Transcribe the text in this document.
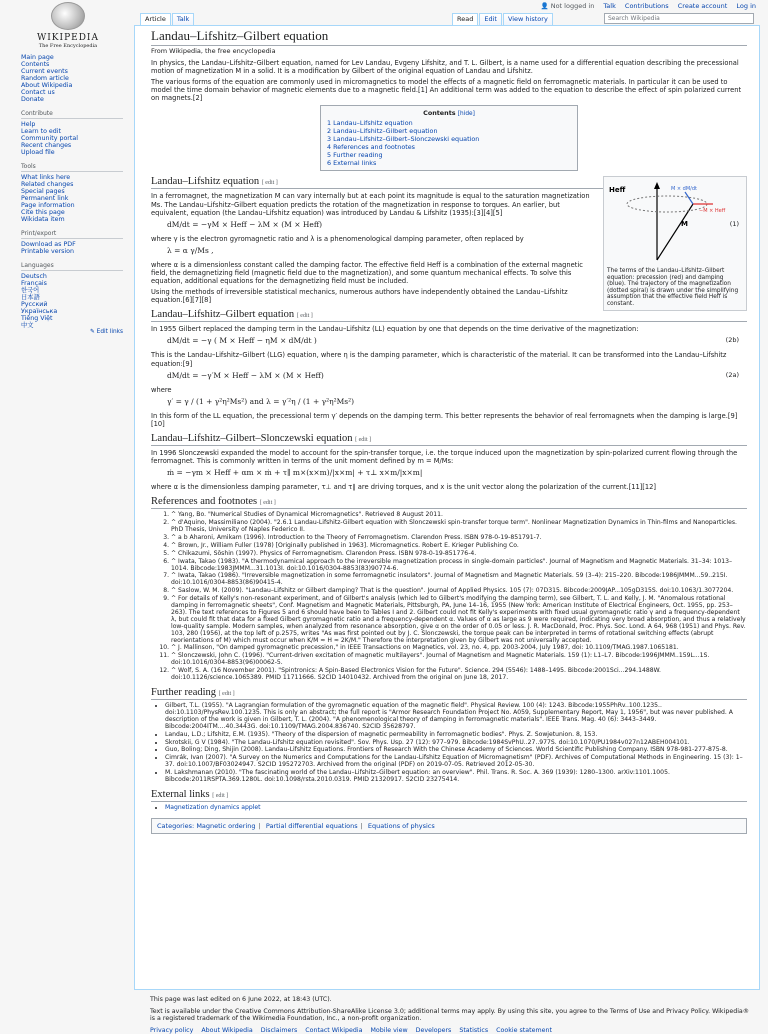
WIKIPEDIA
The Free Encyclopedia
👤 Not logged in Talk Contributions Create account Log in
Article Talk	Read Edit View history	Search Wikipedia
Main page
Contents
Current events
Random article
About Wikipedia
Contact us
Donate
Contribute
Help
Learn to edit
Community portal
Recent changes
Upload file
Tools
What links here
Related changes
Special pages
Permanent link
Page information
Cite this page
Wikidata item
Print/export
Download as PDF
Printable version
Languages
Deutsch
Français
한국어
日本語
Русский
Українська
Tiếng Việt
中文
✎ Edit links
Landau–Lifshitz–Gilbert equation
From Wikipedia, the free encyclopedia

In physics, the Landau–Lifshitz–Gilbert equation, named for Lev Landau, Evgeny Lifshitz, and T. L. Gilbert, is a name used for a differential equation describing the precessional motion of magnetization M in a solid. It is a modification by Gilbert of the original equation of Landau and Lifshitz.

The various forms of the equation are commonly used in micromagnetics to model the effects of a magnetic field on ferromagnetic materials. In particular it can be used to model the time domain behavior of magnetic elements due to a magnetic field.[1] An additional term was added to the equation to describe the effect of spin polarized current on magnets.[2]

Contents [hide]
1 Landau–Lifshitz equation
2 Landau–Lifshitz–Gilbert equation
3 Landau–Lifshitz–Gilbert–Slonczewski equation
4 References and footnotes
5 Further reading
6 External links
Heff
M
M × dM/dt
−M × Heff
The terms of the Landau–Lifshitz–Gilbert equation: precession (red) and damping (blue). The trajectory of the magnetization (dotted spiral) is drawn under the simplifying assumption that the effective field Heff is constant.
Landau–Lifshitz equation [ edit ]

In a ferromagnet, the magnetization M can vary internally but at each point its magnitude is equal to the saturation magnetization Ms. The Landau–Lifshitz–Gilbert equation predicts the rotation of the magnetization in response to torques. An earlier, but equivalent, equation (the Landau–Lifshitz equation) was introduced by Landau & Lifshitz (1935):[3][4][5]

dM/dt = −γM × Heff − λM × (M × Heff)	(1)

where γ is the electron gyromagnetic ratio and λ is a phenomenological damping parameter, often replaced by

λ = α γ/Ms ,

where α is a dimensionless constant called the damping factor. The effective field Heff is a combination of the external magnetic field, the demagnetizing field (magnetic field due to the magnetization), and some quantum mechanical effects. To solve this equation, additional equations for the demagnetizing field must be included.

Using the methods of irreversible statistical mechanics, numerous authors have independently obtained the Landau–Lifshitz equation.[6][7][8]

Landau–Lifshitz–Gilbert equation [ edit ]

In 1955 Gilbert replaced the damping term in the Landau–Lifshitz (LL) equation by one that depends on the time derivative of the magnetization:

dM/dt = −γ ( M × Heff − ηM × dM/dt )	(2b)

This is the Landau–Lifshitz–Gilbert (LLG) equation, where η is the damping parameter, which is characteristic of the material. It can be transformed into the Landau–Lifshitz equation:[9]

dM/dt = −γ′M × Heff − λM × (M × Heff)	(2a)

where

γ′ = γ / (1 + γ²η²Ms²) and λ = γ′²η / (1 + γ²η²Ms²)

In this form of the LL equation, the precessional term γ′ depends on the damping term. This better represents the behavior of real ferromagnets when the damping is large.[9][10]

Landau–Lifshitz–Gilbert–Slonczewski equation [ edit ]

In 1996 Slonczewski expanded the model to account for the spin-transfer torque, i.e. the torque induced upon the magnetization by spin-polarized current flowing through the ferromagnet. This is commonly written in terms of the unit moment defined by m = M/Ms:

ṁ = −γm × Heff + αm × ṁ + τ∥ m×(x×m)/|x×m| + τ⊥ x×m/|x×m|

where α is the dimensionless damping parameter, τ⊥ and τ∥ are driving torques, and x is the unit vector along the polarization of the current.[11][12]

References and footnotes [ edit ]
1. ^ Yang, Bo. "Numerical Studies of Dynamical Micromagnetics". Retrieved 8 August 2011.
2. ^ d'Aquino, Massimiliano (2004). "2.6.1 Landau-Lifshitz-Gilbert equation with Slonczewski spin-transfer torque term". Nonlinear Magnetization Dynamics in Thin-films and Nanoparticles. PhD Thesis, University of Naples Federico II.
3. ^ a b Aharoni, Amikam (1996). Introduction to the Theory of Ferromagnetism. Clarendon Press. ISBN 978-0-19-851791-7.
4. ^ Brown, Jr., William Fuller (1978) [Originally published in 1963]. Micromagnetics. Robert E. Krieger Publishing Co.
5. ^ Chikazumi, Sōshin (1997). Physics of Ferromagnetism. Clarendon Press. ISBN 978-0-19-851776-4.
6. ^ Iwata, Takao (1983). "A thermodynamical approach to the irreversible magnetization process in single-domain particles". Journal of Magnetism and Magnetic Materials. 31–34: 1013–1014. Bibcode:1983JMMM...31.1013I. doi:10.1016/0304-8853(83)90774-6.
7. ^ Iwata, Takao (1986). "Irreversible magnetization in some ferromagnetic insulators". Journal of Magnetism and Magnetic Materials. 59 (3–4): 215–220. Bibcode:1986JMMM...59..215I. doi:10.1016/0304-8853(86)90415-4.
8. ^ Saslow, W. M. (2009). "Landau–Lifshitz or Gilbert damping? That is the question". Journal of Applied Physics. 105 (7): 07D315. Bibcode:2009JAP...105gD315S. doi:10.1063/1.3077204.
9. ^ For details of Kelly's non-resonant experiment, and of Gilbert's analysis (which led to Gilbert's modifying the damping term), see Gilbert, T. L. and Kelly, J. M. "Anomalous rotational damping in ferromagnetic sheets", Conf. Magnetism and Magnetic Materials, Pittsburgh, PA, June 14–16, 1955 (New York: American Institute of Electrical Engineers, Oct. 1955, pp. 253–263). The text references to Figures 5 and 6 should have been to Tables I and 2. Gilbert could not fit Kelly's experiments with fixed usual gyromagnetic ratio γ and a frequency-dependent λ, but could fit that data for a fixed Gilbert gyromagnetic ratio and a frequency-dependent α. Values of α as large as 9 were required, indicating very broad absorption, and thus a relatively low-quality sample. Modern samples, when analyzed from resonance absorption, give α on the order of 0.05 or less. J. R. MacDonald, Proc. Phys. Soc. Lond. A 64, 968 (1951) and Phys. Rev. 103, 280 (1956), at the top left of p.2575, writes "As was first pointed out by J. C. Slonczewski, the torque peak can be interpreted in terms of rotational switching effects (abrupt reorientations of M) which must occur when K/M ≈ H ≈ 2K/M." Therefore the interpretation given by Gilbert was not universally accepted.
10. ^ J. Mallinson, "On damped gyromagnetic precession," in IEEE Transactions on Magnetics, vol. 23, no. 4, pp. 2003-2004, July 1987, doi: 10.1109/TMAG.1987.1065181.
11. ^ Slonczewski, John C. (1996). "Current-driven excitation of magnetic multilayers". Journal of Magnetism and Magnetic Materials. 159 (1): L1–L7. Bibcode:1996JMMM..159L...1S. doi:10.1016/0304-8853(96)00062-5.
12. ^ Wolf, S. A. (16 November 2001). "Spintronics: A Spin-Based Electronics Vision for the Future". Science. 294 (5546): 1488–1495. Bibcode:2001Sci...294.1488W. doi:10.1126/science.1065389. PMID 11711666. S2CID 14010432. Archived from the original on June 18, 2017.
Further reading [ edit ]
• Gilbert, T.L. (1955). "A Lagrangian formulation of the gyromagnetic equation of the magnetic field". Physical Review. 100 (4): 1243. Bibcode:1955PhRv..100.1235.. doi:10.1103/PhysRev.100.1235. This is only an abstract; the full report is "Armor Research Foundation Project No. A059, Supplementary Report, May 1, 1956", but was never published. A description of the work is given in Gilbert, T. L. (2004). "A phenomenological theory of damping in ferromagnetic materials". IEEE Trans. Mag. 40 (6): 3443–3449. Bibcode:2004ITM....40.3443G. doi:10.1109/TMAG.2004.836740. S2CID 35628797.
• Landau, L.D.; Lifshitz, E.M. (1935). "Theory of the dispersion of magnetic permeability in ferromagnetic bodies". Phys. Z. Sowjetunion. 8, 153.
• Skrotskii, G V (1984). "The Landau-Lifshitz equation revisited". Sov. Phys. Usp. 27 (12): 977–979. Bibcode:1984SvPhU..27..977S. doi:10.1070/PU1984v027n12ABEH004101.
• Guo, Boling; Ding, Shijin (2008). Landau-Lifshitz Equations. Frontiers of Research With the Chinese Academy of Sciences. World Scientific Publishing Company. ISBN 978-981-277-875-8.
• Cimrák, Ivan (2007). "A Survey on the Numerics and Computations for the Landau-Lifshitz Equation of Micromagnetism" (PDF). Archives of Computational Methods in Engineering. 15 (3): 1–37. doi:10.1007/BF03024947. S2CID 195272703. Archived from the original (PDF) on 2019-07-05. Retrieved 2012-05-30.
• M. Lakshmanan (2010). "The fascinating world of the Landau–Lifshitz–Gilbert equation: an overview". Phil. Trans. R. Soc. A. 369 (1939): 1280–1300. arXiv:1101.1005. Bibcode:2011RSPTA.369.1280L. doi:10.1098/rsta.2010.0319. PMID 21320917. S2CID 23275414.
External links [ edit ]
• Magnetization dynamics applet
Categories: Magnetic ordering | Partial differential equations | Equations of physics
This page was last edited on 6 June 2022, at 18:43 (UTC).
Text is available under the Creative Commons Attribution-ShareAlike License 3.0; additional terms may apply. By using this site, you agree to the Terms of Use and Privacy Policy. Wikipedia® is a registered trademark of the Wikimedia Foundation, Inc., a non-profit organization.
Privacy policy About Wikipedia Disclaimers Contact Wikipedia Mobile view Developers Statistics Cookie statement
